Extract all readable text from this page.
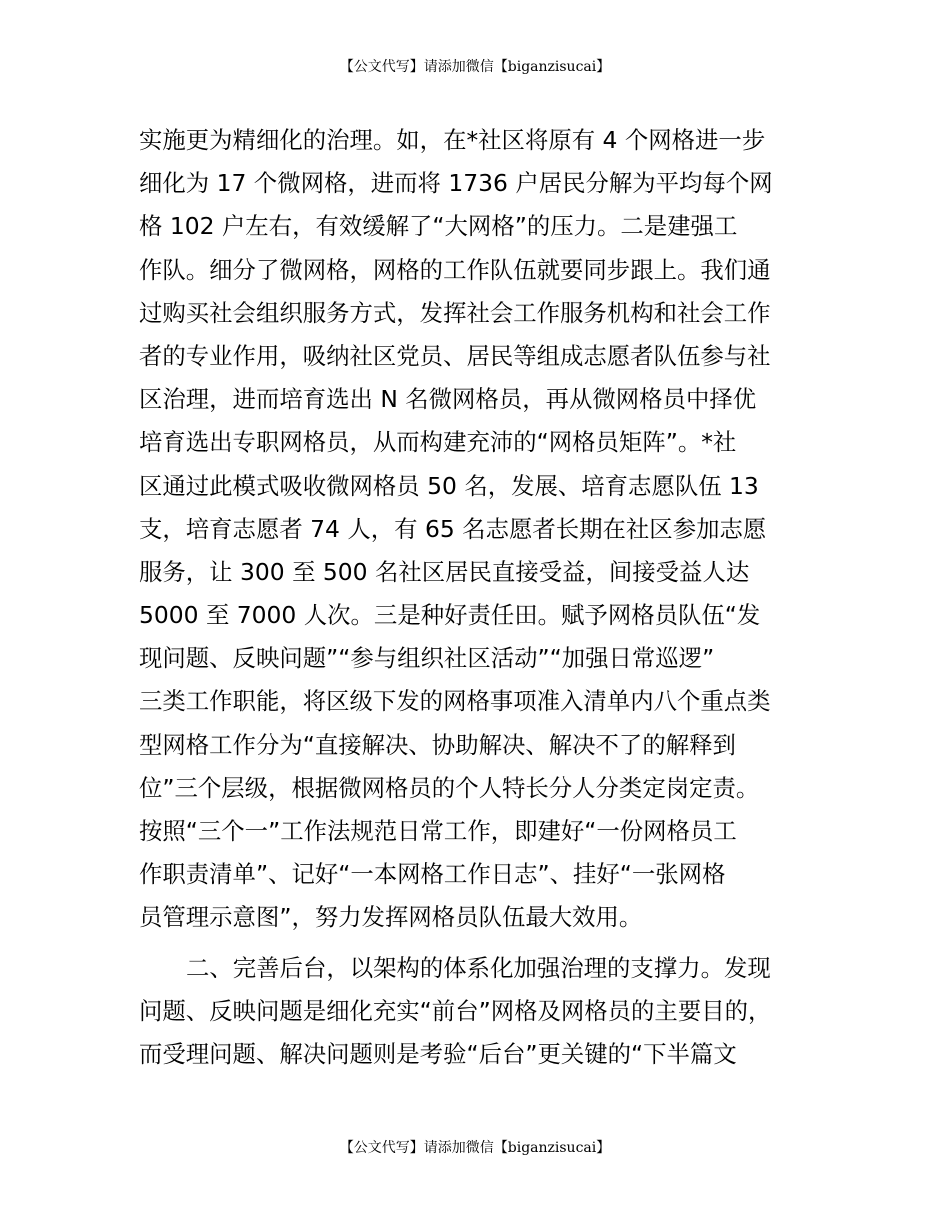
【公文代写】请添加微信【biganzisucai】
实施更为精细化的治理。如，在*社区将原有 4 个网格进一步
细化为 17 个微网格，进而将 1736 户居民分解为平均每个网
格 102 户左右，有效缓解了“大网格”的压力。二是建强工
作队。细分了微网格，网格的工作队伍就要同步跟上。我们通
过购买社会组织服务方式，发挥社会工作服务机构和社会工作
者的专业作用，吸纳社区党员、居民等组成志愿者队伍参与社
区治理，进而培育选出 N 名微网格员，再从微网格员中择优
培育选出专职网格员，从而构建充沛的“网格员矩阵”。*社
区通过此模式吸收微网格员 50 名，发展、培育志愿队伍 13
支，培育志愿者 74 人，有 65 名志愿者长期在社区参加志愿
服务，让 300 至 500 名社区居民直接受益，间接受益人达
5000 至 7000 人次。三是种好责任田。赋予网格员队伍“发
现问题、反映问题”“参与组织社区活动”“加强日常巡逻”
三类工作职能，将区级下发的网格事项准入清单内八个重点类
型网格工作分为“直接解决、协助解决、解决不了的解释到
位”三个层级，根据微网格员的个人特长分人分类定岗定责。
按照“三个一”工作法规范日常工作，即建好“一份网格员工
作职责清单”、记好“一本网格工作日志”、挂好“一张网格
员管理示意图”，努力发挥网格员队伍最大效用。
二、完善后台，以架构的体系化加强治理的支撑力。发现
问题、反映问题是细化充实“前台”网格及网格员的主要目的，
而受理问题、解决问题则是考验“后台”更关键的“下半篇文
【公文代写】请添加微信【biganzisucai】
